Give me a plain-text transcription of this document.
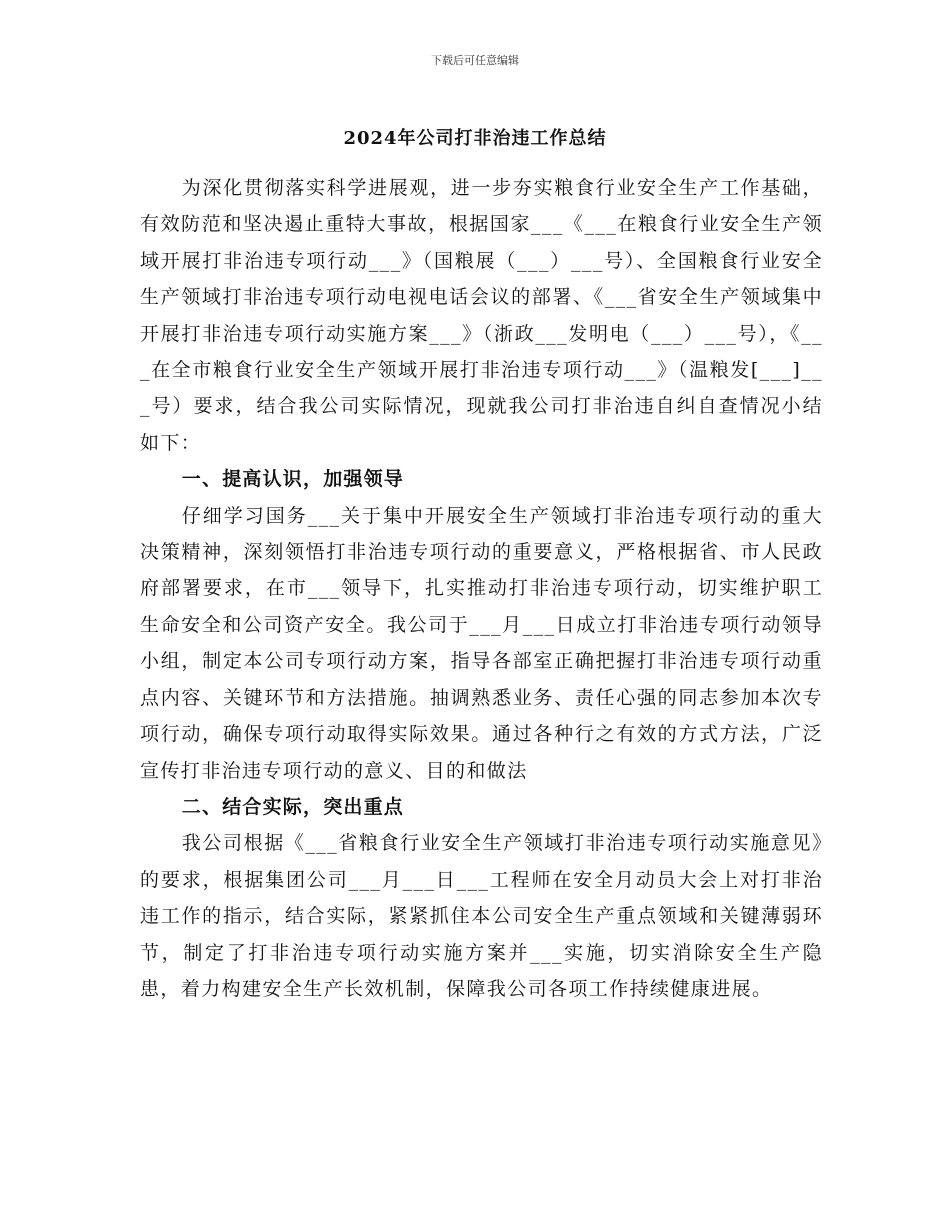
下载后可任意编辑
2024年公司打非治违工作总结

为深化贯彻落实科学进展观，进一步夯实粮食行业安全生产工作基础，有效防范和坚决遏止重特大事故，根据国家___《___在粮食行业安全生产领域开展打非治违专项行动___》（国粮展（___）___号）、全国粮食行业安全生产领域打非治违专项行动电视电话会议的部署、《___省安全生产领域集中开展打非治违专项行动实施方案___》（浙政___发明电（___）___号），《___在全市粮食行业安全生产领域开展打非治违专项行动___》（温粮发[___]___号）要求，结合我公司实际情况，现就我公司打非治违自纠自查情况小结如下：

一、提高认识，加强领导

仔细学习国务___关于集中开展安全生产领域打非治违专项行动的重大决策精神，深刻领悟打非治违专项行动的重要意义，严格根据省、市人民政府部署要求，在市___领导下，扎实推动打非治违专项行动，切实维护职工生命安全和公司资产安全。我公司于___月___日成立打非治违专项行动领导小组，制定本公司专项行动方案，指导各部室正确把握打非治违专项行动重点内容、关键环节和方法措施。抽调熟悉业务、责任心强的同志参加本次专项行动，确保专项行动取得实际效果。通过各种行之有效的方式方法，广泛宣传打非治违专项行动的意义、目的和做法

二、结合实际，突出重点

我公司根据《___省粮食行业安全生产领域打非治违专项行动实施意见》的要求，根据集团公司___月___日___工程师在安全月动员大会上对打非治违工作的指示，结合实际，紧紧抓住本公司安全生产重点领域和关键薄弱环节，制定了打非治违专项行动实施方案并___实施，切实消除安全生产隐患，着力构建安全生产长效机制，保障我公司各项工作持续健康进展。
